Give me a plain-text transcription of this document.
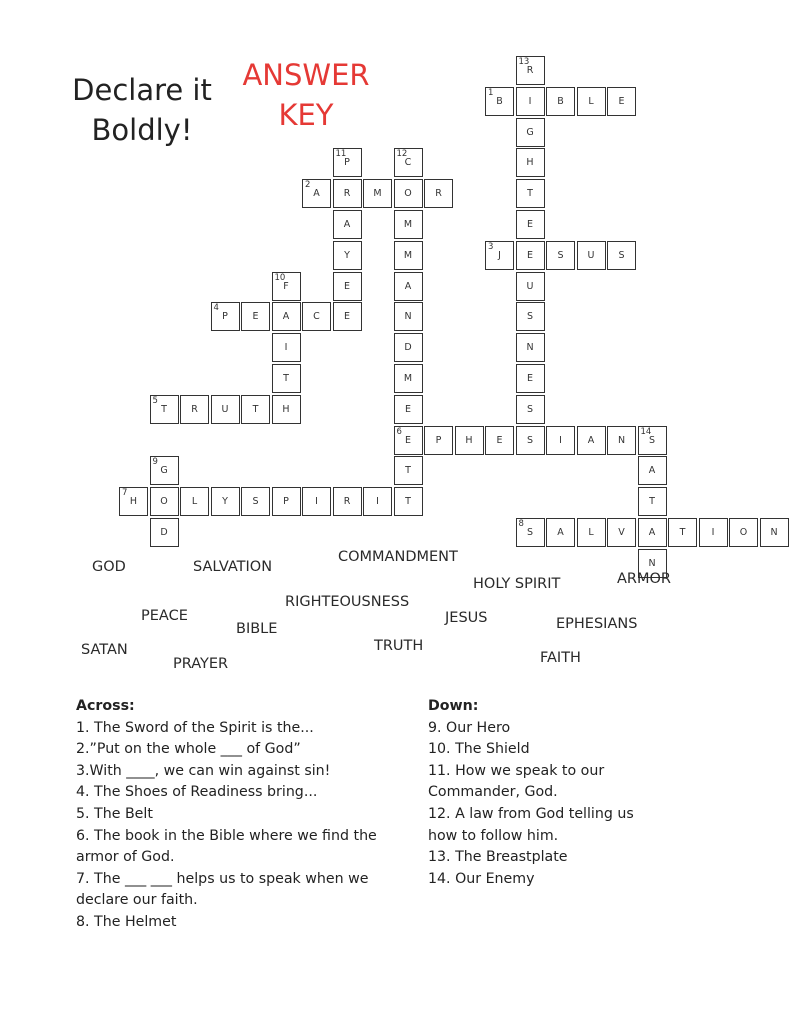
Declare it
Boldly!
ANSWER
KEY
1
B	I	B	L	E
2
A	R	M	O	R
3
J	E	S	U	S
4
P	E	A	C	E
5
T	R	U	T	H
6
E	P	H	E	S	I	A	N
14
S
7
H	O	L	Y	S	P	I	R	I	T
8
S	A	L	V	A	T	I	O	N
9
G
D
10
F
I
T
11
P
A
Y
E
12
C
M
M
A
N
D
M
E
T
13
R
G
H
T
E
U
S
N
E
S
A
T
N
GOD	SALVATION
COMMANDMENT
HOLY SPIRIT	ARMOR
RIGHTEOUSNESS
PEACE
BIBLE
JESUS	EPHESIANS
TRUTH
SATAN
PRAYER	FAITH
Across:
1. The Sword of the Spirit is the...
2.”Put on the whole ___ of God”
3.With ____, we can win against sin!
4. The Shoes of Readiness bring...
5. The Belt
6. The book in the Bible where we find the
armor of God.
7. The ___ ___ helps us to speak when we
declare our faith.
8. The Helmet
Down:
9. Our Hero
10. The Shield
11. How we speak to our
Commander, God.
12. A law from God telling us
how to follow him.
13. The Breastplate
14. Our Enemy
